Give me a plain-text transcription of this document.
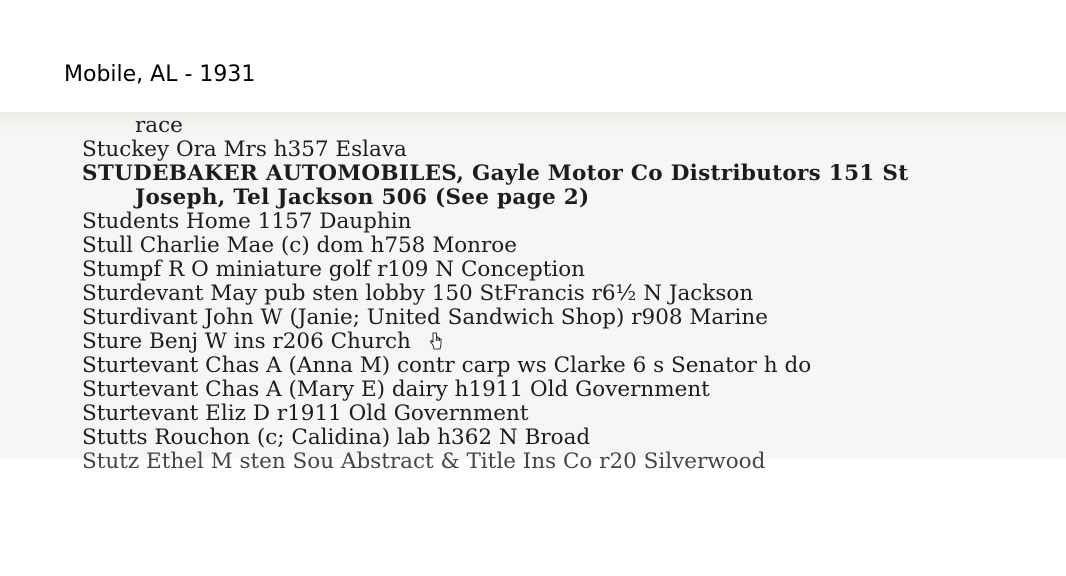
Mobile, AL - 1931
race
Stuckey Ora Mrs h357 Eslava
STUDEBAKER AUTOMOBILES, Gayle Motor Co Distributors 151 St
Joseph, Tel Jackson 506 (See page 2)
Students Home 1157 Dauphin
Stull Charlie Mae (c) dom h758 Monroe
Stumpf R O miniature golf r109 N Conception
Sturdevant May pub sten lobby 150 StFrancis r6½ N Jackson
Sturdivant John W (Janie; United Sandwich Shop) r908 Marine
Sture Benj W ins r206 Church
Sturtevant Chas A (Anna M) contr carp ws Clarke 6 s Senator h do
Sturtevant Chas A (Mary E) dairy h1911 Old Government
Sturtevant Eliz D r1911 Old Government
Stutts Rouchon (c; Calidina) lab h362 N Broad
Stutz Ethel M sten Sou Abstract & Title Ins Co r20 Silverwood
